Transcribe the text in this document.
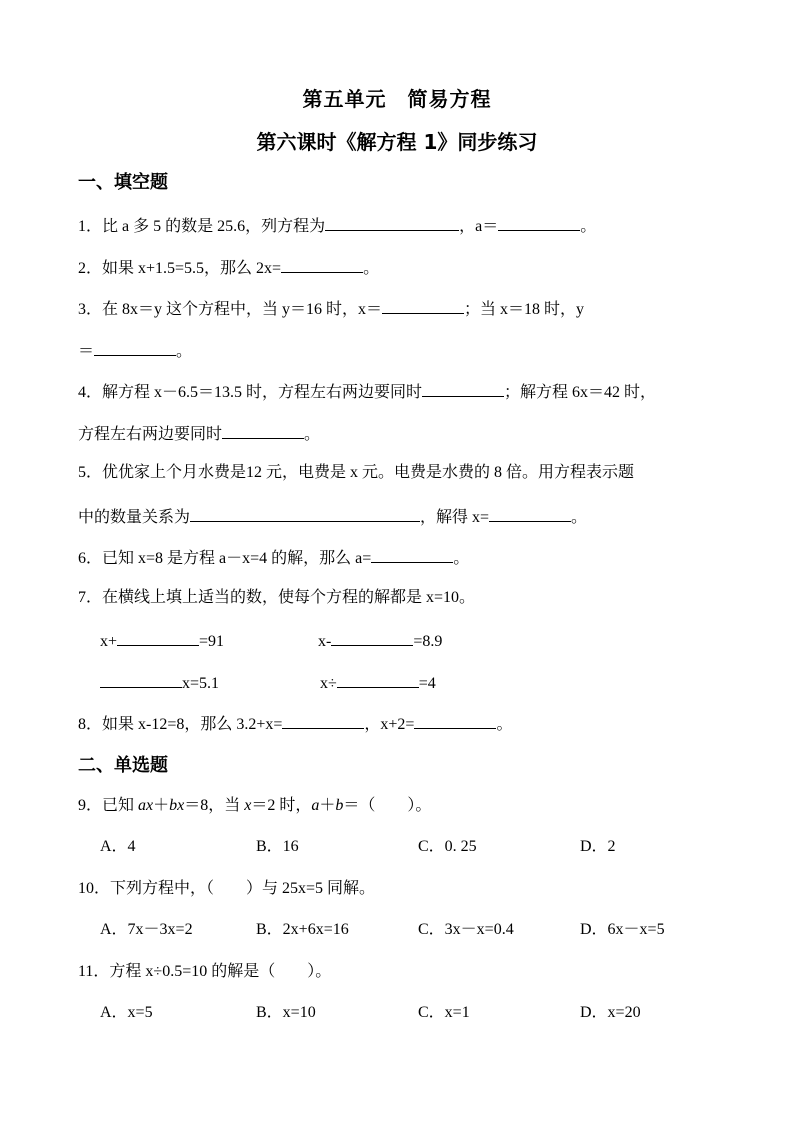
第五单元　简易方程
第六课时《解方程 1》同步练习
一、填空题
1．比 a 多 5 的数是 25.6，列方程为	，a＝	。
2．如果 x+1.5=5.5，那么 2x=	。
3．在 8x＝y 这个方程中，当 y＝16 时，x＝	；当 x＝18 时，y
＝	。
4．解方程 x－6.5＝13.5 时，方程左右两边要同时	；解方程 6x＝42 时，
方程左右两边要同时	。
5．优优家上个月水费是12 元，电费是 x 元。电费是水费的 8 倍。用方程表示题
中的数量关系为	，解得 x=	。
6．已知 x=8 是方程 a－x=4 的解，那么 a=	。
7．在横线上填上适当的数，使每个方程的解都是 x=10。
x+	=91	x-	=8.9
x=5.1	x÷	=4
8．如果 x-12=8，那么 3.2+x=	，x+2=	。
二、单选题
9．已知 ax＋bx＝8，当 x＝2 时，a＋b＝（　　）。
A．4	B．16	C．0. 25	D．2
10．下列方程中，（　　）与 25x=5 同解。
A．7x－3x=2	B．2x+6x=16	C．3x－x=0.4	D．6x－x=5
11．方程 x÷0.5=10 的解是（　　）。
A．x=5	B．x=10	C．x=1	D．x=20
